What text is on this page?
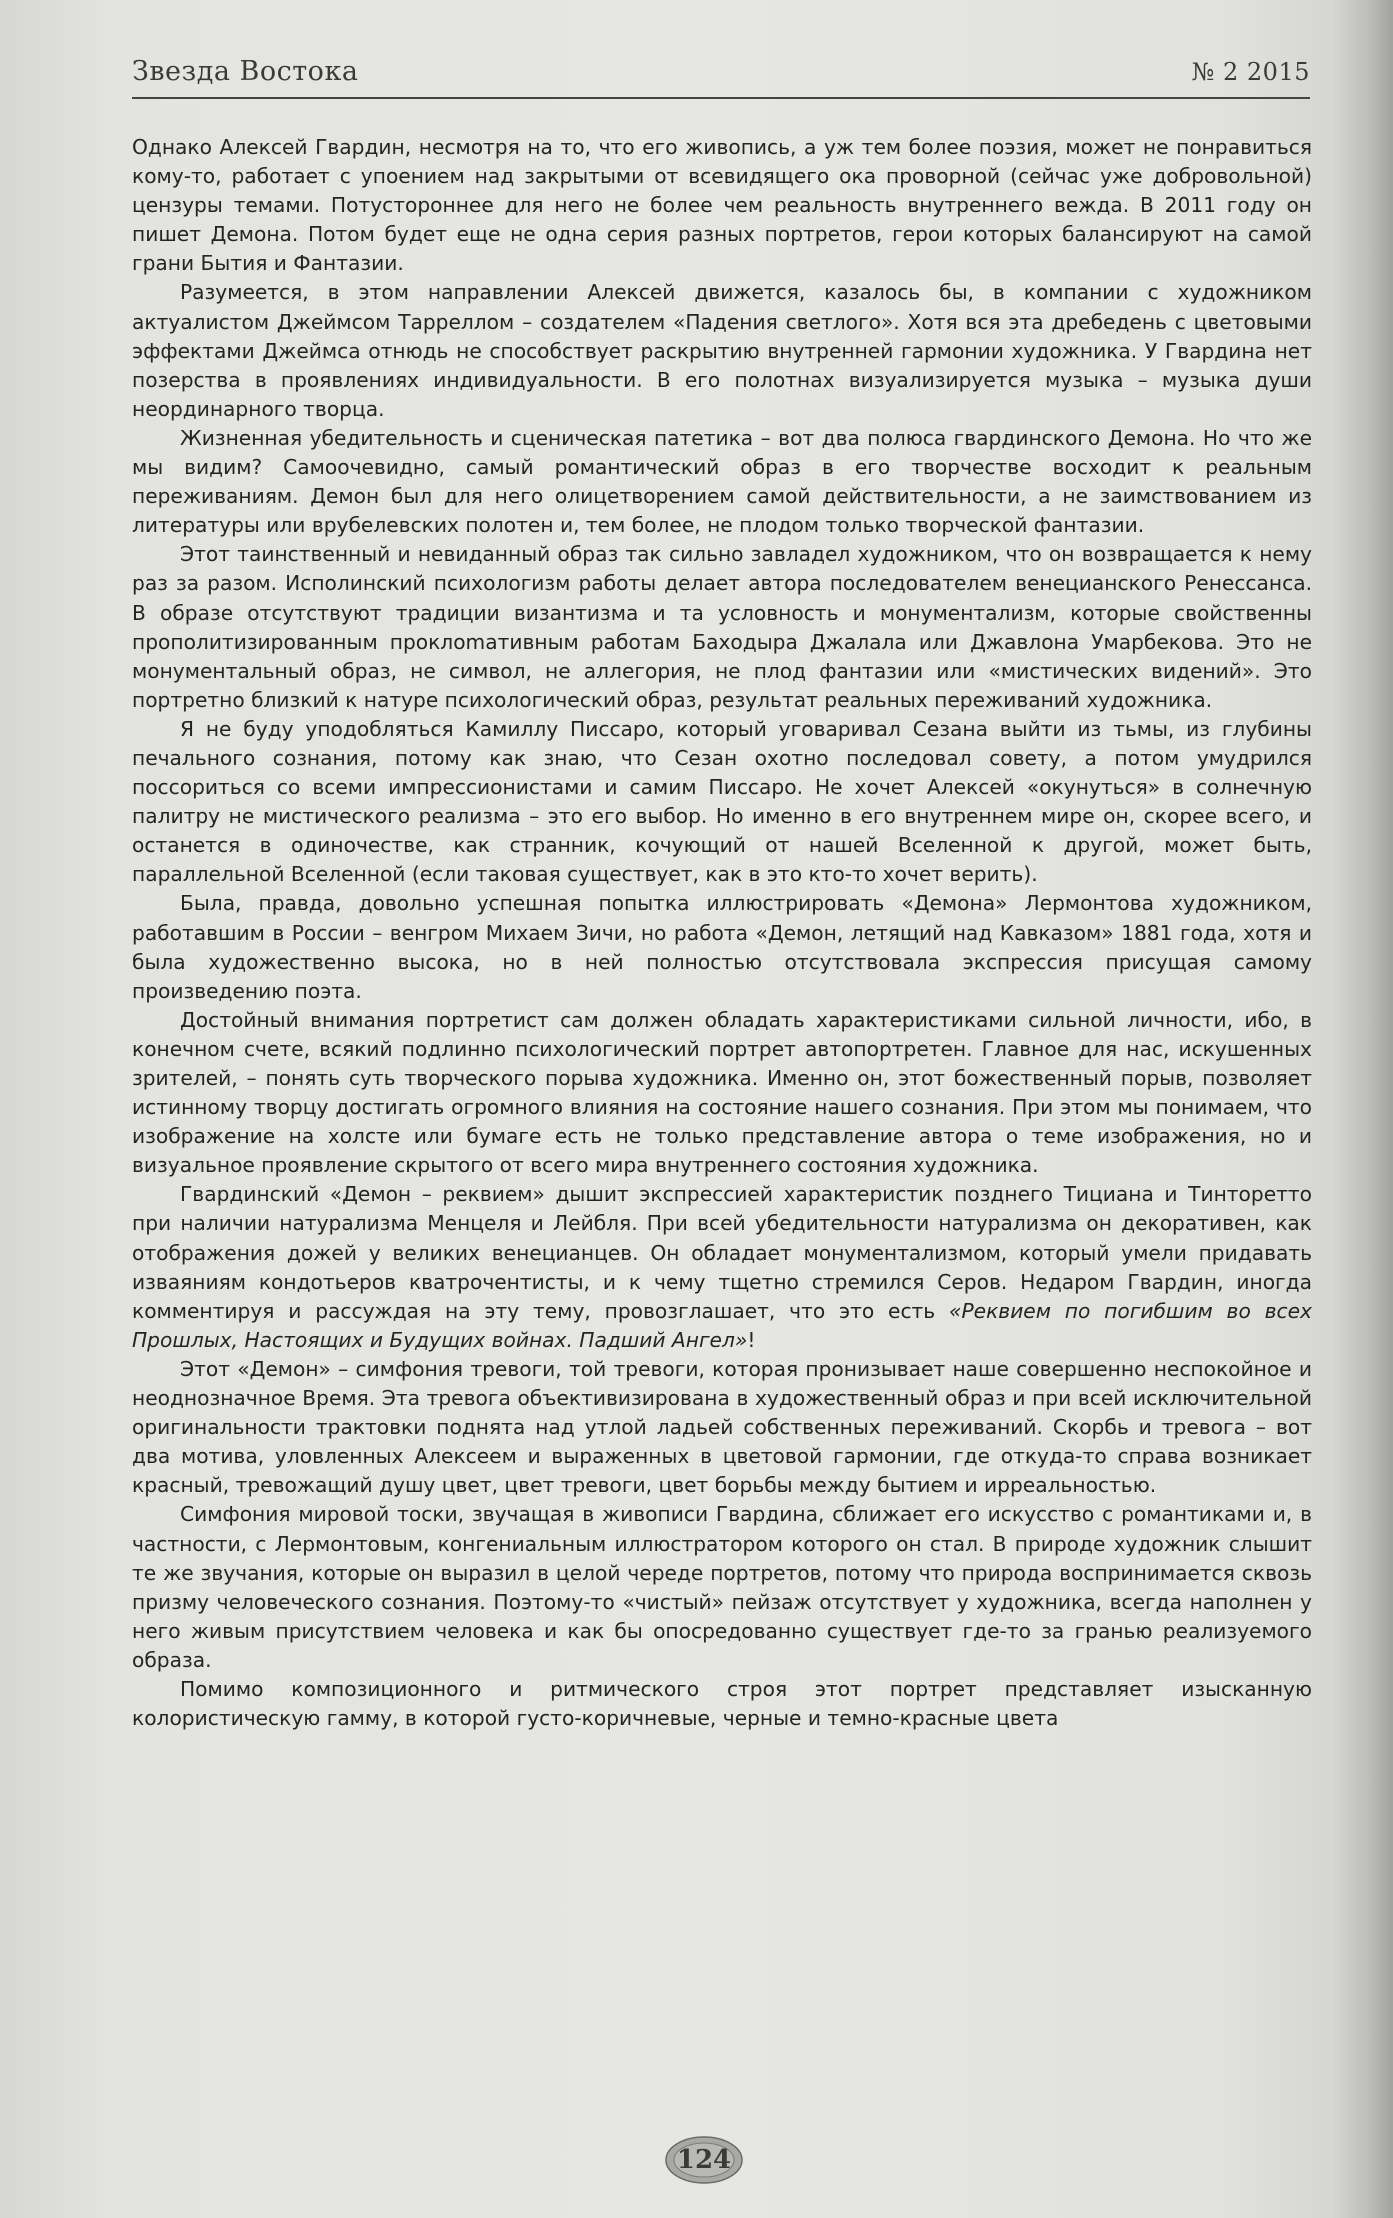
Звезда Востока	№ 2 2015

Однако Алексей Гвардин, несмотря на то, что его живопись, а уж тем более поэзия, может не понравиться кому-то, работает с упоением над закрытыми от всевидящего ока проворной (сейчас уже добровольной) цензуры темами. Потустороннее для него не более чем реальность внутреннего вежда. В 2011 году он пишет Демона. Потом будет еще не одна серия разных портретов, герои которых балансируют на самой грани Бытия и Фантазии.

Разумеется, в этом направлении Алексей движется, казалось бы, в компании с художником актуалистом Джеймсом Тарреллом – создателем «Падения светлого». Хотя вся эта дребедень с цветовыми эффектами Джеймса отнюдь не способствует раскрытию внутренней гармонии художника. У Гвардина нет позерства в проявлениях индивидуальности. В его полотнах визуализируется музыка – музыка души неординарного творца.

Жизненная убедительность и сценическая патетика – вот два полюса гвардинского Демона. Но что же мы видим? Самоочевидно, самый романтический образ в его творчестве восходит к реальным переживаниям. Демон был для него олицетворением самой действительности, а не заимствованием из литературы или врубелевских полотен и, тем более, не плодом только творческой фантазии.

Этот таинственный и невиданный образ так сильно завладел художником, что он возвращается к нему раз за разом. Исполинский психологизм работы делает автора последователем венецианского Ренессанса. В образе отсутствуют традиции византизма и та условность и монументализм, которые свойственны прополитизированным проклomaтивным работам Баходыра Джалала или Джавлона Умарбекова. Это не монументальный образ, не символ, не аллегория, не плод фантазии или «мистических видений». Это портретно близкий к натуре психологический образ, результат реальных переживаний художника.

Я не буду уподобляться Камиллу Писсаро, который уговаривал Сезана выйти из тьмы, из глубины печального сознания, потому как знаю, что Сезан охотно последовал совету, а потом умудрился поссориться со всеми импрессионистами и самим Писсаро. Не хочет Алексей «окунуться» в солнечную палитру не мистического реализма – это его выбор. Но именно в его внутреннем мире он, скорее всего, и останется в одиночестве, как странник, кочующий от нашей Вселенной к другой, может быть, параллельной Вселенной (если таковая существует, как в это кто-то хочет верить).

Была, правда, довольно успешная попытка иллюстрировать «Демона» Лермонтова художником, работавшим в России – венгром Михаем Зичи, но работа «Демон, летящий над Кавказом» 1881 года, хотя и была художественно высока, но в ней полностью отсутствовала экспрессия присущая самому произведению поэта.

Достойный внимания портретист сам должен обладать характеристиками сильной личности, ибо, в конечном счете, всякий подлинно психологический портрет автопортретен. Главное для нас, искушенных зрителей, – понять суть творческого порыва художника. Именно он, этот божественный порыв, позволяет истинному творцу достигать огромного влияния на состояние нашего сознания. При этом мы понимаем, что изображение на холсте или бумаге есть не только представление автора о теме изображения, но и визуальное проявление скрытого от всего мира внутреннего состояния художника.

Гвардинский «Демон – реквием» дышит экспрессией характеристик позднего Тициана и Тинторетто при наличии натурализма Менцеля и Лейбля. При всей убедительности натурализма он декоративен, как отображения дожей у великих венецианцев. Он обладает монументализмом, который умели придавать изваяниям кондотьеров кватрочентисты, и к чему тщетно стремился Серов. Недаром Гвардин, иногда комментируя и рассуждая на эту тему, провозглашает, что это есть «Реквием по погибшим во всех Прошлых, Настоящих и Будущих войнах. Падший Ангел»!

Этот «Демон» – симфония тревоги, той тревоги, которая пронизывает наше совершенно неспокойное и неоднозначное Время. Эта тревога объективизирована в художественный образ и при всей исключительной оригинальности трактовки поднята над утлой ладьей собственных переживаний. Скорбь и тревога – вот два мотива, уловленных Алексеем и выраженных в цветовой гармонии, где откуда-то справа возникает красный, тревожащий душу цвет, цвет тревоги, цвет борьбы между бытием и ирреальностью.

Симфония мировой тоски, звучащая в живописи Гвардина, сближает его искусство с романтиками и, в частности, с Лермонтовым, конгениальным иллюстратором которого он стал. В природе художник слышит те же звучания, которые он выразил в целой череде портретов, потому что природа воспринимается сквозь призму человеческого сознания. Поэтому-то «чистый» пейзаж отсутствует у художника, всегда наполнен у него живым присутствием человека и как бы опосредованно существует где-то за гранью реализуемого образа.

Помимо композиционного и ритмического строя этот портрет представляет изысканную колористическую гамму, в которой густо-коричневые, черные и темно-красные цвета

124
